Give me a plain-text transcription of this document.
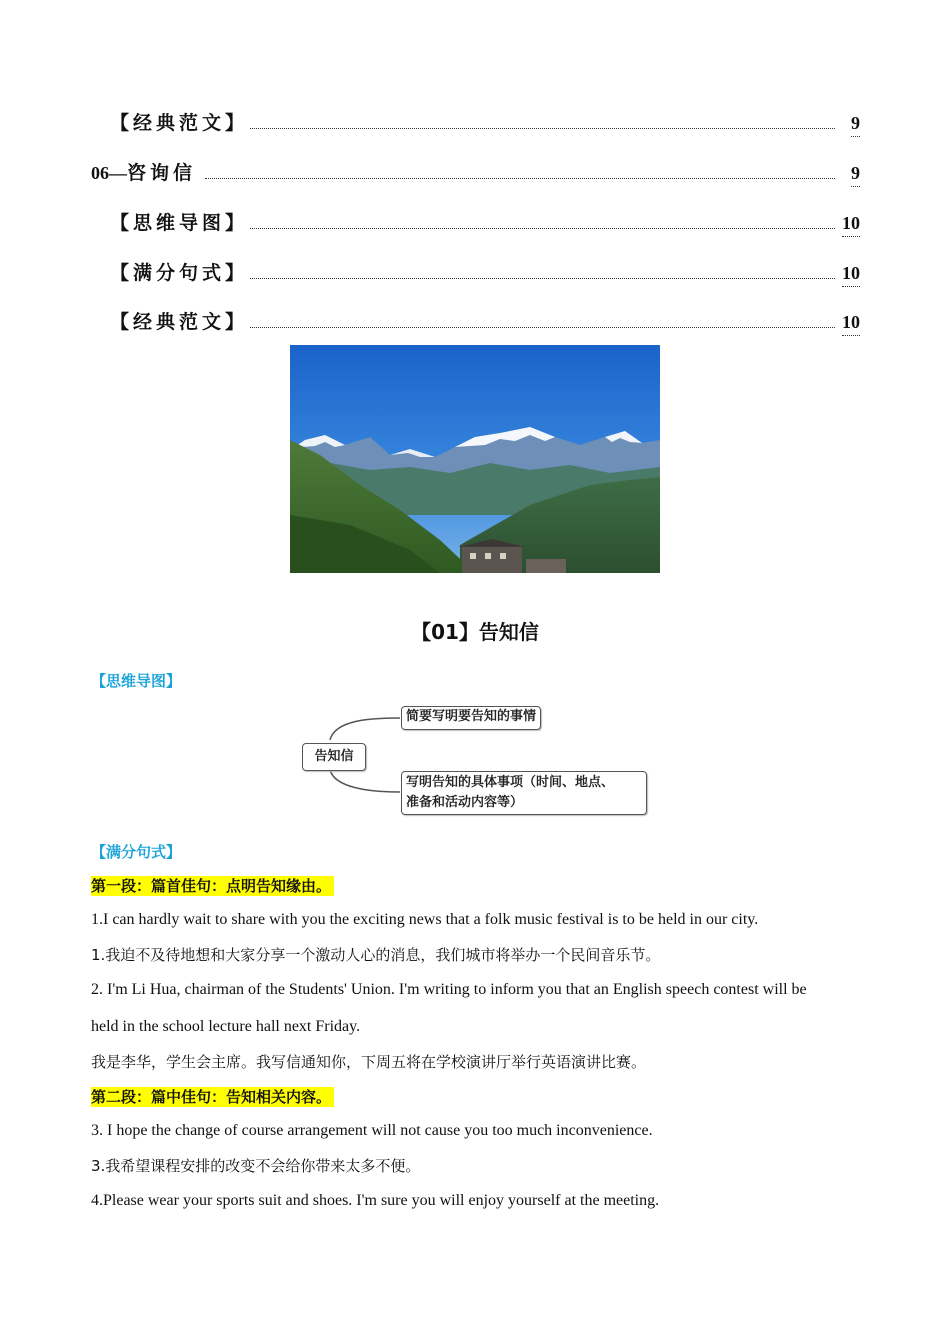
【经典范文】	9
06—咨询信	9
【思维导图】	10
【满分句式】	10
【经典范文】	10
【01】告知信
【思维导图】
告知信
简要写明要告知的事情
写明告知的具体事项（时间、地点、
准备和活动内容等）
【满分句式】
第一段：篇首佳句：点明告知缘由。
1.I can hardly wait to share with you the exciting news that a folk music festival is to be held in our city.
1.我迫不及待地想和大家分享一个激动人心的消息，我们城市将举办一个民间音乐节。
2. I'm Li Hua, chairman of the Students' Union. I'm writing to inform you that an English speech contest will be
held in the school lecture hall next Friday.
我是李华，学生会主席。我写信通知你，下周五将在学校演讲厅举行英语演讲比赛。
第二段：篇中佳句：告知相关内容。
3. I hope the change of course arrangement will not cause you too much inconvenience.
3.我希望课程安排的改变不会给你带来太多不便。
4.Please wear your sports suit and shoes. I'm sure you will enjoy yourself at the meeting.
